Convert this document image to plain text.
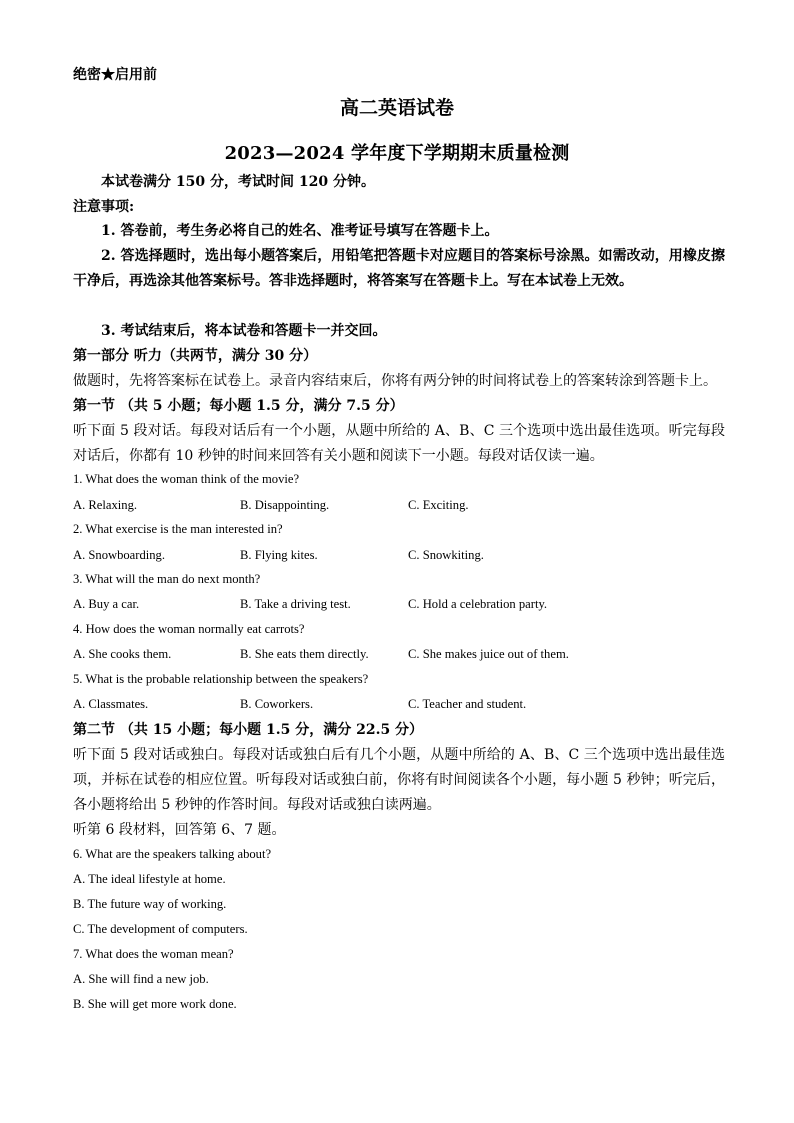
绝密★启用前
高二英语试卷
2023—2024 学年度下学期期末质量检测
本试卷满分 150 分，考试时间 120 分钟。
注意事项:
1. 答卷前，考生务必将自己的姓名、准考证号填写在答题卡上。
2. 答选择题时，选出每小题答案后，用铅笔把答题卡对应题目的答案标号涂黑。如需改动，用橡皮擦干净后，再选涂其他答案标号。答非选择题时，将答案写在答题卡上。写在本试卷上无效。
3. 考试结束后，将本试卷和答题卡一并交回。
第一部分 听力（共两节，满分 30 分）
做题时，先将答案标在试卷上。录音内容结束后，你将有两分钟的时间将试卷上的答案转涂到答题卡上。
第一节 （共 5 小题；每小题 1.5 分，满分 7.5 分）
听下面 5 段对话。每段对话后有一个小题，从题中所给的 A、B、C 三个选项中选出最佳选项。听完每段对话后，你都有 10 秒钟的时间来回答有关小题和阅读下一小题。每段对话仅读一遍。
1. What does the woman think of the movie?
A. Relaxing.	B. Disappointing.	C. Exciting.
2. What exercise is the man interested in?
A. Snowboarding.	B. Flying kites.	C. Snowkiting.
3. What will the man do next month?
A. Buy a car.	B. Take a driving test.	C. Hold a celebration party.
4. How does the woman normally eat carrots?
A. She cooks them.	B. She eats them directly.	C. She makes juice out of them.
5. What is the probable relationship between the speakers?
A. Classmates.	B. Coworkers.	C. Teacher and student.
第二节 （共 15 小题；每小题 1.5 分，满分 22.5 分）
听下面 5 段对话或独白。每段对话或独白后有几个小题，从题中所给的 A、B、C 三个选项中选出最佳选项，并标在试卷的相应位置。听每段对话或独白前，你将有时间阅读各个小题，每小题 5 秒钟；听完后，各小题将给出 5 秒钟的作答时间。每段对话或独白读两遍。
听第 6 段材料，回答第 6、7 题。
6. What are the speakers talking about?
A. The ideal lifestyle at home.
B. The future way of working.
C. The development of computers.
7. What does the woman mean?
A. She will find a new job.
B. She will get more work done.
